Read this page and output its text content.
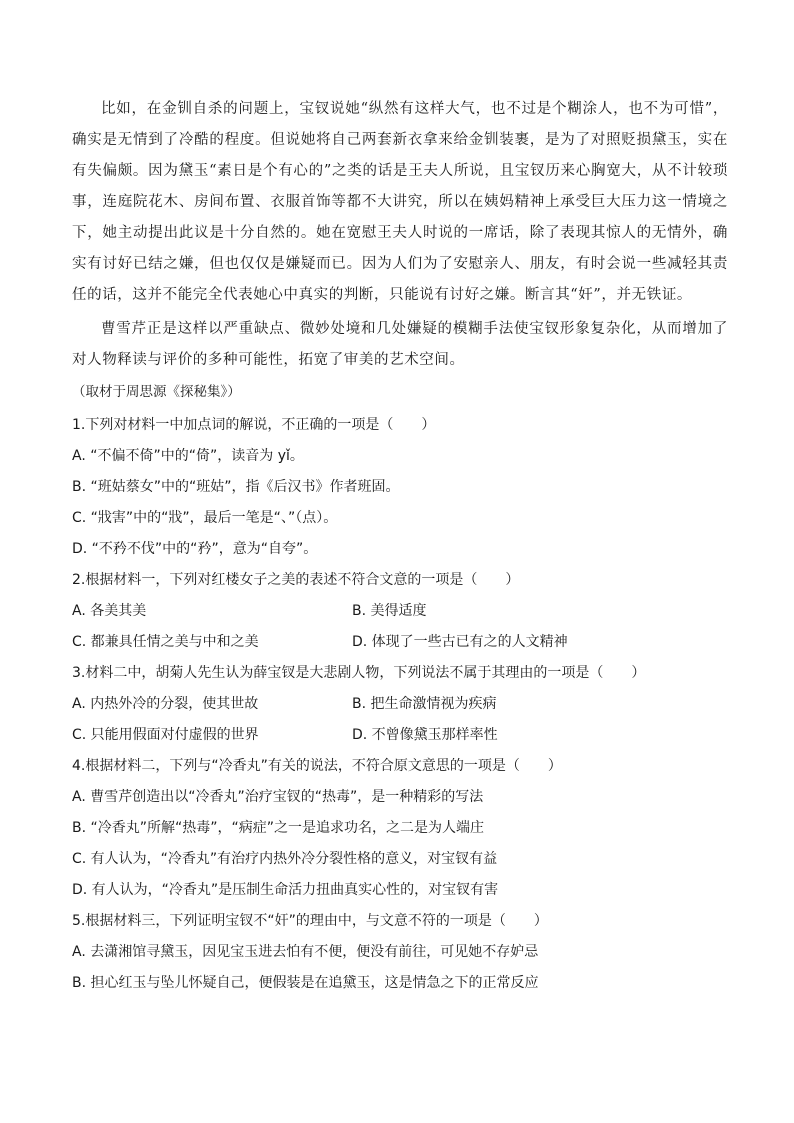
比如，在金钏自杀的问题上，宝钗说她“纵然有这样大气，也不过是个糊涂人，也不为可惜”，确实是无情到了冷酷的程度。但说她将自己两套新衣拿来给金钏装裹，是为了对照贬损黛玉，实在有失偏颇。因为黛玉“素日是个有心的”之类的话是王夫人所说，且宝钗历来心胸宽大，从不计较琐事，连庭院花木、房间布置、衣服首饰等都不大讲究，所以在姨妈精神上承受巨大压力这一情境之下，她主动提出此议是十分自然的。她在宽慰王夫人时说的一席话，除了表现其惊人的无情外，确实有讨好已结之嫌，但也仅仅是嫌疑而已。因为人们为了安慰亲人、朋友，有时会说一些减轻其责任的话，这并不能完全代表她心中真实的判断，只能说有讨好之嫌。断言其“奸”，并无铁证。

曹雪芹正是这样以严重缺点、微妙处境和几处嫌疑的模糊手法使宝钗形象复杂化，从而增加了对人物释读与评价的多种可能性，拓宽了审美的艺术空间。

（取材于周思源《探秘集》）

1.下列对材料一中加点词的解说，不正确的一项是（　　）

A. “不偏不倚”中的“倚”，读音为 yǐ。

B. “班姑蔡女”中的“班姑”，指《后汉书》作者班固。

C. “戕害”中的“戕”，最后一笔是“、”（点）。

D. “不矜不伐”中的“矜”，意为“自夸”。

2.根据材料一，下列对红楼女子之美的表述不符合文意的一项是（　　）

A. 各美其美	B. 美得适度

C. 都兼具任情之美与中和之美	D. 体现了一些古已有之的人文精神

3.材料二中，胡菊人先生认为薛宝钗是大悲剧人物，下列说法不属于其理由的一项是（　　）

A. 内热外冷的分裂，使其世故	B. 把生命激情视为疾病

C. 只能用假面对付虚假的世界	D. 不曾像黛玉那样率性

4.根据材料二，下列与“冷香丸”有关的说法，不符合原文意思的一项是（　　）

A. 曹雪芹创造出以“冷香丸”治疗宝钗的“热毒”，是一种精彩的写法

B. “冷香丸”所解“热毒”，“病症”之一是追求功名，之二是为人端庄

C. 有人认为，“冷香丸”有治疗内热外冷分裂性格的意义，对宝钗有益

D. 有人认为，“冷香丸”是压制生命活力扭曲真实心性的，对宝钗有害

5.根据材料三，下列证明宝钗不“奸”的理由中，与文意不符的一项是（　　）

A. 去潇湘馆寻黛玉，因见宝玉进去怕有不便，便没有前往，可见她不存妒忌

B. 担心红玉与坠儿怀疑自己，便假装是在追黛玉，这是情急之下的正常反应
